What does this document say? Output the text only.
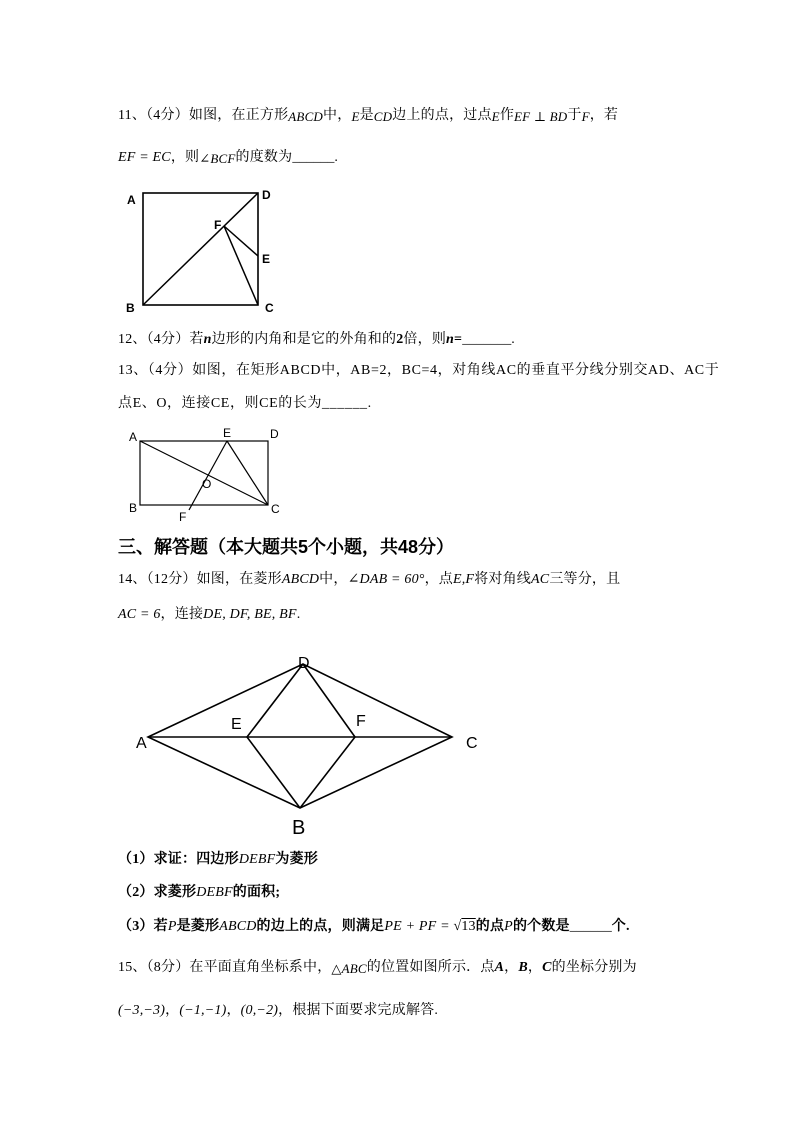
11、（4分）如图，在正方形ABCD中，E是CD边上的点，过点E作EF ⊥ BD于F，若
EF = EC，则∠BCF的度数为______.
A	D
F
E
B	C
12、（4分）若n边形的内角和是它的外角和的2倍，则n=_______.
13、（4分）如图，在矩形ABCD中，AB=2，BC=4，对角线AC的垂直平分线分别交AD、AC于
点E、O，连接CE，则CE的长为______.
A	E	D
O
B	C
F
三、解答题（本大题共5个小题，共48分）
14、（12分）如图，在菱形ABCD中，∠DAB = 60°，点E,F将对角线AC三等分，且
AC = 6，连接DE, DF, BE, BF.
D
A
E	F
C
B
（1）求证：四边形DEBF为菱形
（2）求菱形DEBF的面积;
（3）若P是菱形ABCD的边上的点，则满足PE + PF = √13的点P的个数是______个.
15、（8分）在平面直角坐标系中，△ABC的位置如图所示．点A，B，C的坐标分别为
(−3,−3)，(−1,−1)，(0,−2)，根据下面要求完成解答.
